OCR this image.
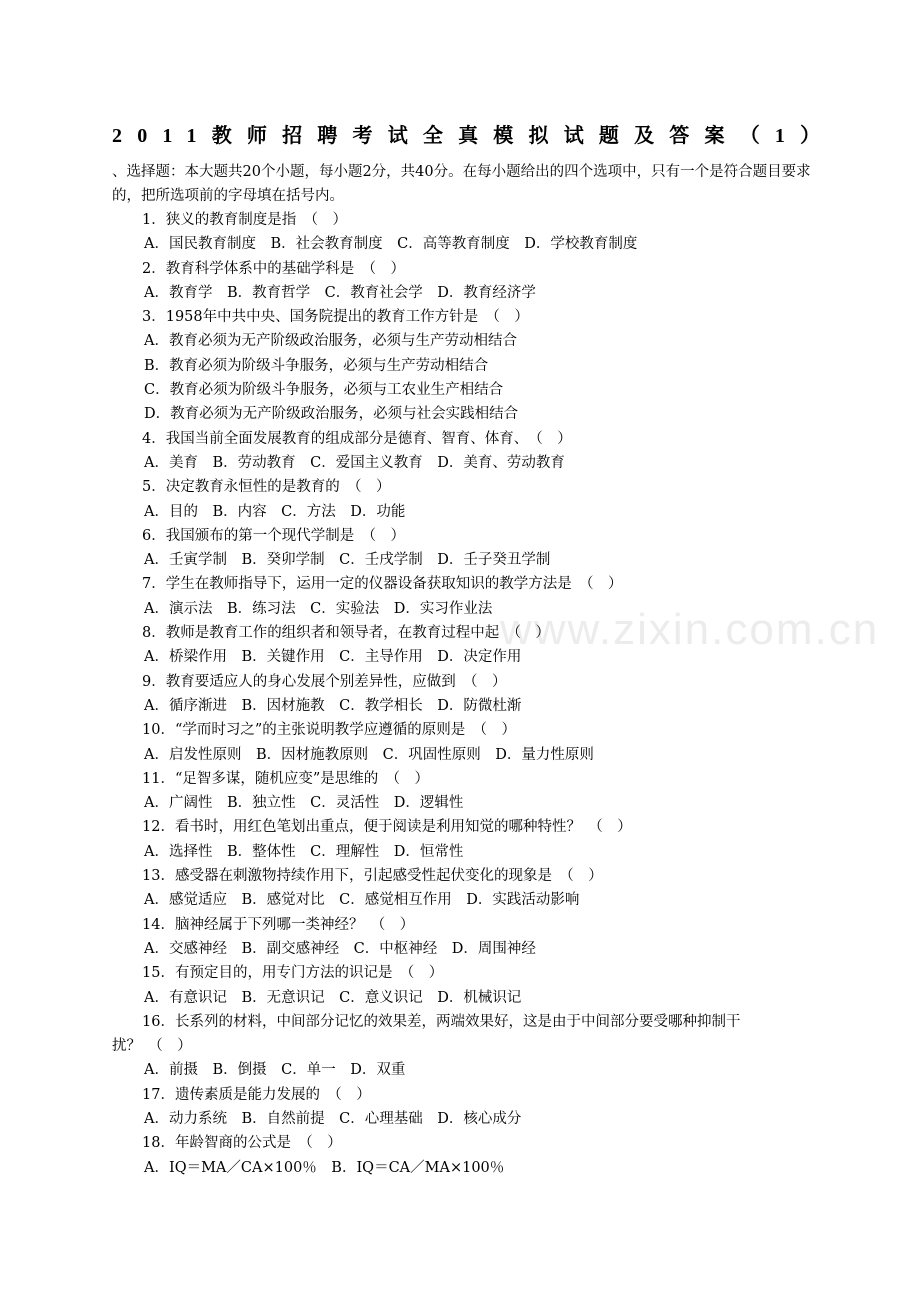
www.zixin.com.cn
2011教师招聘考试全真模拟试题及答案（1）
、选择题：本大题共20个小题，每小题2分，共40分。在每小题给出的四个选项中，只有一个是符合题目要求的，把所选项前的字母填在括号内。
1．狭义的教育制度是指　（　）
A．国民教育制度　B．社会教育制度　C．高等教育制度　D．学校教育制度
2．教育科学体系中的基础学科是　（　）
A．教育学　B．教育哲学　C．教育社会学　D．教育经济学
3．1958年中共中央、国务院提出的教育工作方针是　（　）
A．教育必须为无产阶级政治服务，必须与生产劳动相结合
B．教育必须为阶级斗争服务，必须与生产劳动相结合
C．教育必须为阶级斗争服务，必须与工农业生产相结合
D．教育必须为无产阶级政治服务，必须与社会实践相结合
4．我国当前全面发展教育的组成部分是德育、智育、体育、　（　）
A．美育　B．劳动教育　C．爱国主义教育　D．美育、劳动教育
5．决定教育永恒性的是教育的　（　）
A．目的　B．内容　C．方法　D．功能
6．我国颁布的第一个现代学制是　（　）
A．壬寅学制　B．癸卯学制　C．壬戌学制　D．壬子癸丑学制
7．学生在教师指导下，运用一定的仪器设备获取知识的教学方法是　（　）
A．演示法　B．练习法　C．实验法　D．实习作业法
8．教师是教育工作的组织者和领导者，在教育过程中起　（　）
A．桥梁作用　B．关键作用　C．主导作用　D．决定作用
9．教育要适应人的身心发展个别差异性，应做到　（　）
A．循序渐进　B．因材施教　C．教学相长　D．防微杜渐
10．“学而时习之”的主张说明教学应遵循的原则是　（　）
A．启发性原则　B．因材施教原则　C．巩固性原则　D．量力性原则
11．“足智多谋，随机应变”是思维的　（　）
A．广阔性　B．独立性　C．灵活性　D．逻辑性
12．看书时，用红色笔划出重点，便于阅读是利用知觉的哪种特性？　（　）
A．选择性　B．整体性　C．理解性　D．恒常性
13．感受器在刺激物持续作用下，引起感受性起伏变化的现象是　（　）
A．感觉适应　B．感觉对比　C．感觉相互作用　D．实践活动影响
14．脑神经属于下列哪一类神经？　（　）
A．交感神经　B．副交感神经　C．中枢神经　D．周围神经
15．有预定目的，用专门方法的识记是　（　）
A．有意识记　B．无意识记　C．意义识记　D．机械识记
16．长系列的材料，中间部分记忆的效果差，两端效果好，这是由于中间部分要受哪种抑制干
扰？　（　）
A．前摄　B．倒摄　C．单一　D．双重
17．遗传素质是能力发展的　（　）
A．动力系统　B．自然前提　C．心理基础　D．核心成分
18．年龄智商的公式是　（　）
A．IQ＝MA／CA×100％　B．IQ＝CA／MA×100％
